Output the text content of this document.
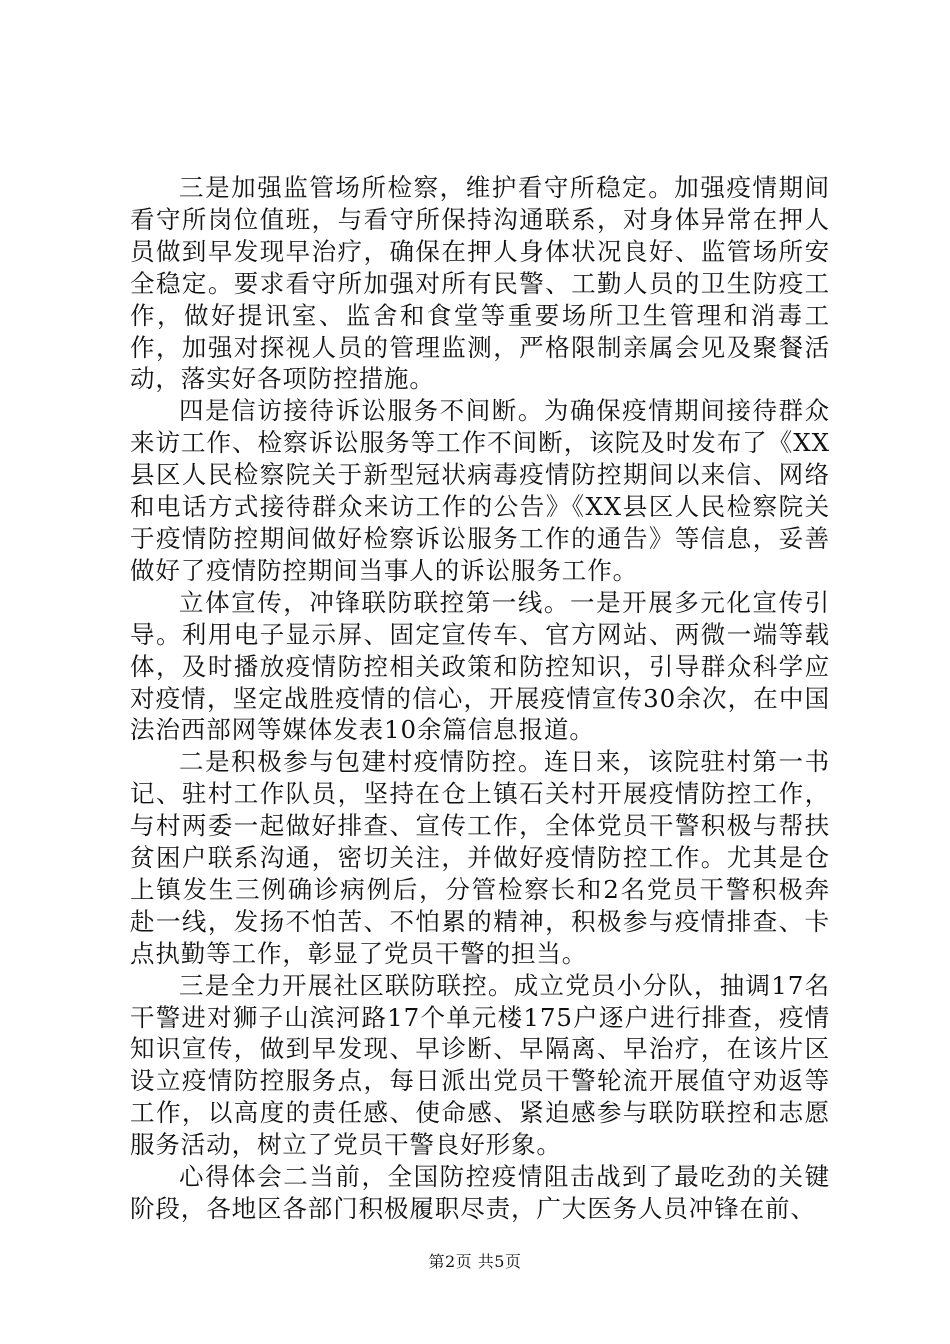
三是加强监管场所检察，维护看守所稳定。加强疫情期间看守所岗位值班，与看守所保持沟通联系，对身体异常在押人员做到早发现早治疗，确保在押人身体状况良好、监管场所安全稳定。要求看守所加强对所有民警、工勤人员的卫生防疫工作，做好提讯室、监舍和食堂等重要场所卫生管理和消毒工作，加强对探视人员的管理监测，严格限制亲属会见及聚餐活动，落实好各项防控措施。

四是信访接待诉讼服务不间断。为确保疫情期间接待群众来访工作、检察诉讼服务等工作不间断，该院及时发布了《XX县区人民检察院关于新型冠状病毒疫情防控期间以来信、网络和电话方式接待群众来访工作的公告》《XX县区人民检察院关于疫情防控期间做好检察诉讼服务工作的通告》等信息，妥善做好了疫情防控期间当事人的诉讼服务工作。

立体宣传，冲锋联防联控第一线。一是开展多元化宣传引导。利用电子显示屏、固定宣传车、官方网站、两微一端等载体，及时播放疫情防控相关政策和防控知识，引导群众科学应对疫情，坚定战胜疫情的信心，开展疫情宣传30余次，在中国法治西部网等媒体发表10余篇信息报道。

二是积极参与包建村疫情防控。连日来，该院驻村第一书记、驻村工作队员，坚持在仓上镇石关村开展疫情防控工作，与村两委一起做好排查、宣传工作，全体党员干警积极与帮扶贫困户联系沟通，密切关注，并做好疫情防控工作。尤其是仓上镇发生三例确诊病例后，分管检察长和2名党员干警积极奔赴一线，发扬不怕苦、不怕累的精神，积极参与疫情排查、卡点执勤等工作，彰显了党员干警的担当。

三是全力开展社区联防联控。成立党员小分队，抽调17名干警进对狮子山滨河路17个单元楼175户逐户进行排查，疫情知识宣传，做到早发现、早诊断、早隔离、早治疗，在该片区设立疫情防控服务点，每日派出党员干警轮流开展值守劝返等工作，以高度的责任感、使命感、紧迫感参与联防联控和志愿服务活动，树立了党员干警良好形象。

心得体会二当前，全国防控疫情阻击战到了最吃劲的关键阶段，各地区各部门积极履职尽责，广大医务人员冲锋在前、

第2页 共5页
